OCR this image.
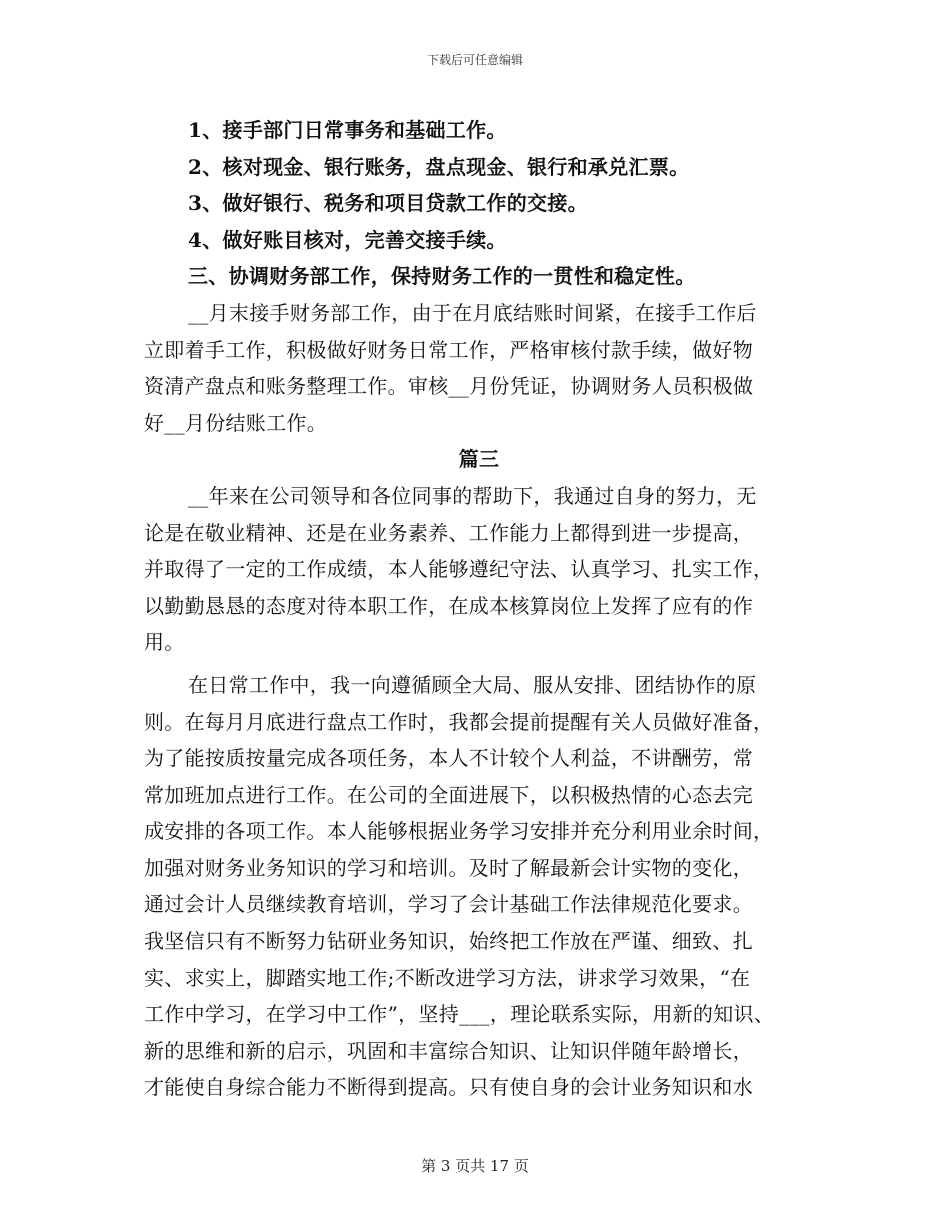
下载后可任意编辑
1、接手部门日常事务和基础工作。
2、核对现金、银行账务，盘点现金、银行和承兑汇票。
3、做好银行、税务和项目贷款工作的交接。
4、做好账目核对，完善交接手续。
三、协调财务部工作，保持财务工作的一贯性和稳定性。
__月末接手财务部工作，由于在月底结账时间紧，在接手工作后
立即着手工作，积极做好财务日常工作，严格审核付款手续，做好物
资清产盘点和账务整理工作。审核__月份凭证，协调财务人员积极做
好__月份结账工作。
篇三
__年来在公司领导和各位同事的帮助下，我通过自身的努力，无
论是在敬业精神、还是在业务素养、工作能力上都得到进一步提高，
并取得了一定的工作成绩，本人能够遵纪守法、认真学习、扎实工作，
以勤勤恳恳的态度对待本职工作，在成本核算岗位上发挥了应有的作
用。
在日常工作中，我一向遵循顾全大局、服从安排、团结协作的原
则。在每月月底进行盘点工作时，我都会提前提醒有关人员做好准备，
为了能按质按量完成各项任务，本人不计较个人利益，不讲酬劳，常
常加班加点进行工作。在公司的全面进展下，以积极热情的心态去完
成安排的各项工作。本人能够根据业务学习安排并充分利用业余时间，
加强对财务业务知识的学习和培训。及时了解最新会计实物的变化，
通过会计人员继续教育培训，学习了会计基础工作法律规范化要求。
我坚信只有不断努力钻研业务知识，始终把工作放在严谨、细致、扎
实、求实上，脚踏实地工作;不断改进学习方法，讲求学习效果，“在
工作中学习，在学习中工作”，坚持___，理论联系实际，用新的知识、
新的思维和新的启示，巩固和丰富综合知识、让知识伴随年龄增长，
才能使自身综合能力不断得到提高。只有使自身的会计业务知识和水
第 3 页共 17 页
